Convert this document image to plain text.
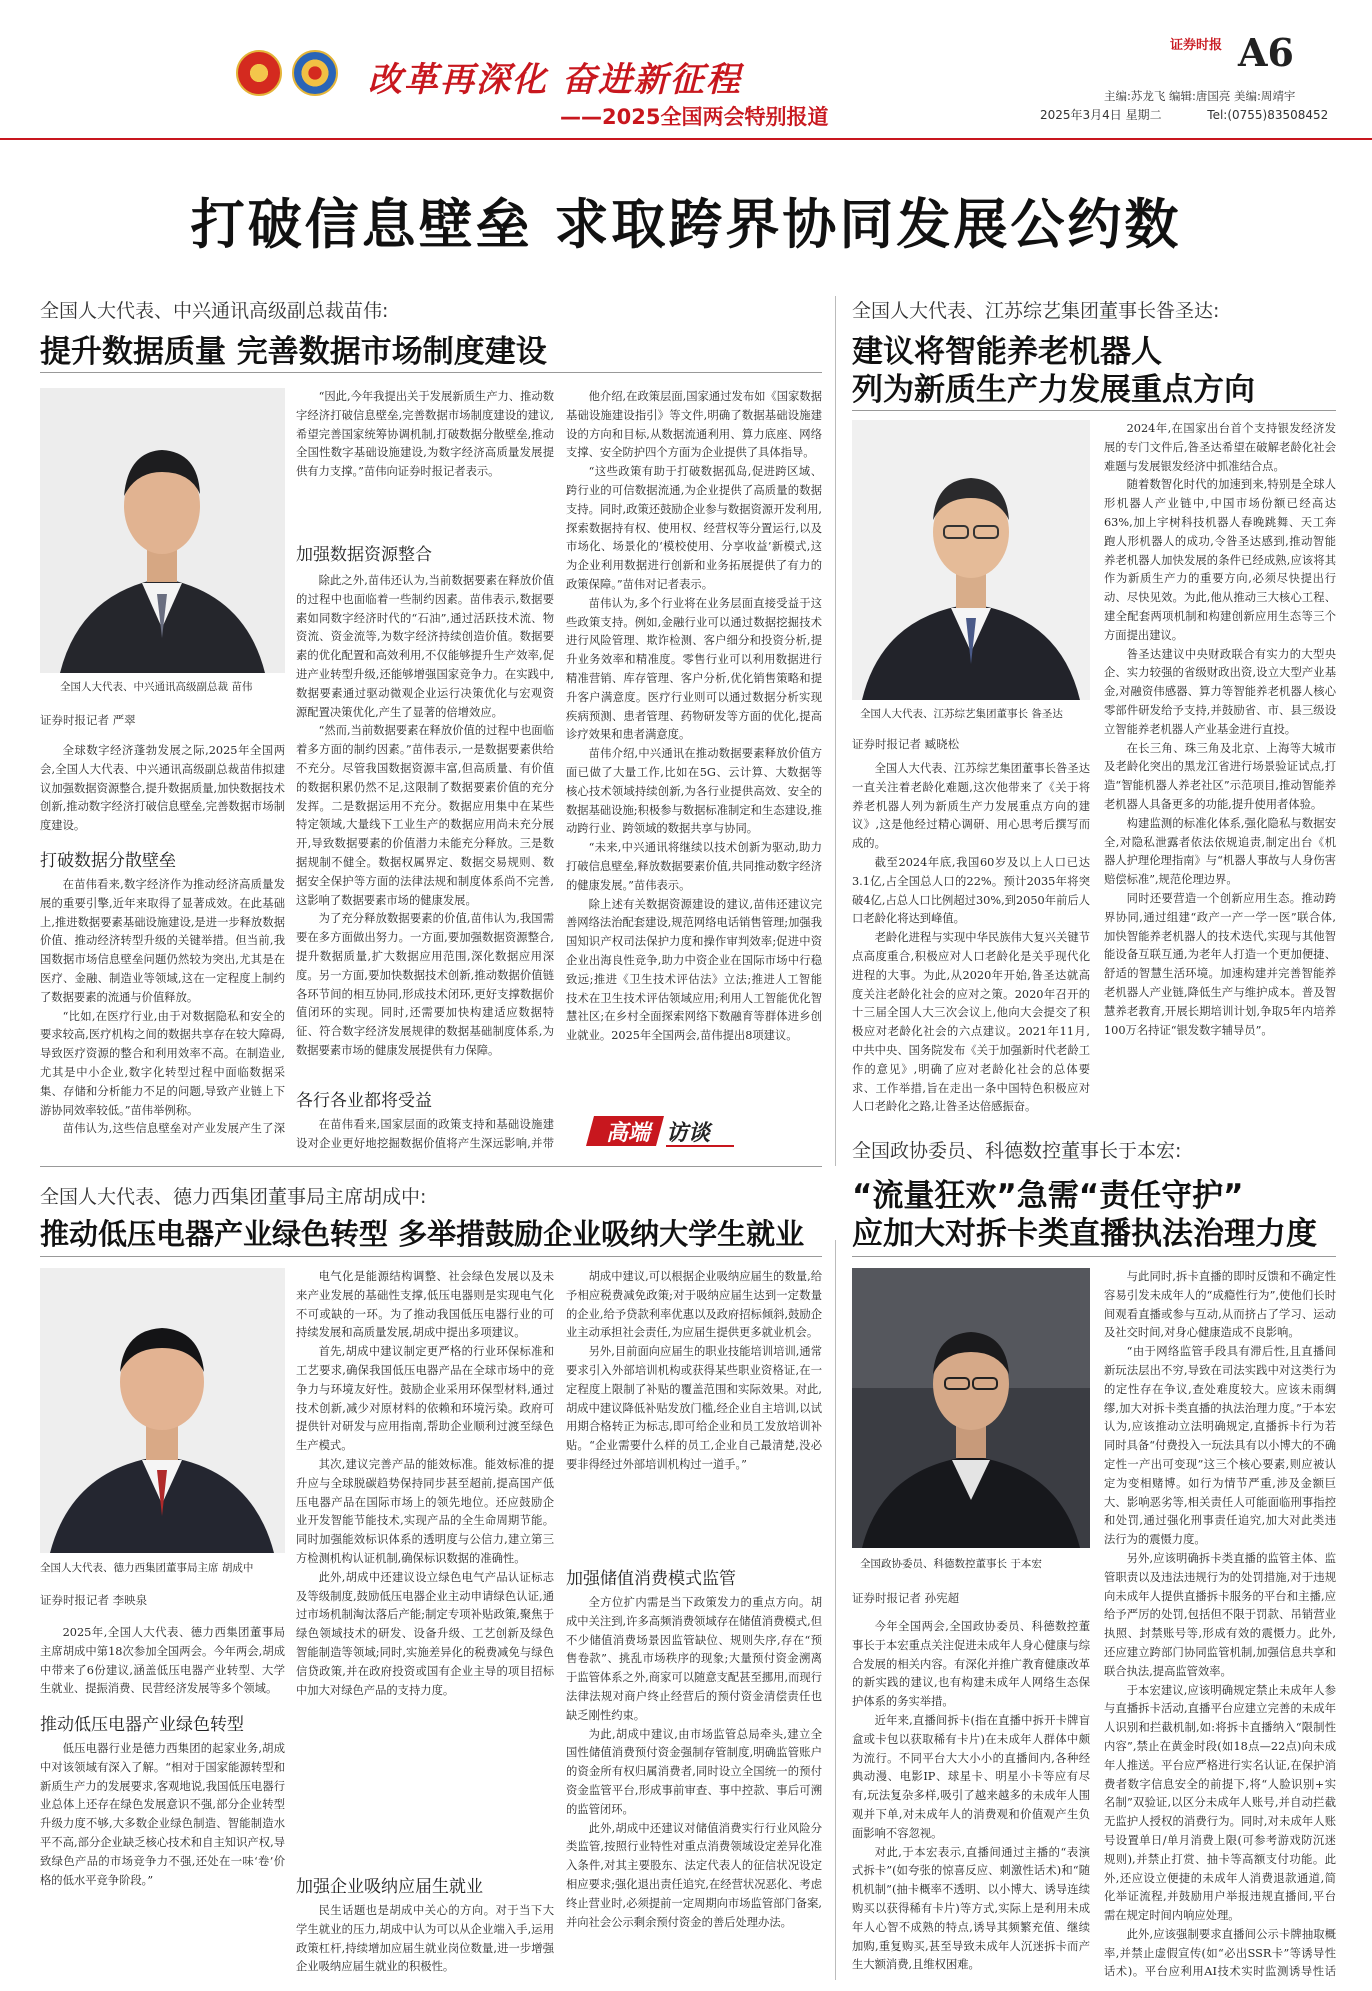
改革再深化 奋进新征程
——2025全国两会特别报道
证券时报 A6
主编:苏龙飞 编辑:唐国亮 美编:周靖宇
2025年3月4日 星期二	Tel:(0755)83508452
打破信息壁垒 求取跨界协同发展公约数
全国人大代表、中兴通讯高级副总裁苗伟:
提升数据质量 完善数据市场制度建设
全国人大代表、中兴通讯高级副总裁 苗伟
证券时报记者 严翠

全球数字经济蓬勃发展之际,2025年全国两会,全国人大代表、中兴通讯高级副总裁苗伟拟建议加强数据资源整合,提升数据质量,加快数据技术创新,推动数字经济打破信息壁垒,完善数据市场制度建设。

打破数据分散壁垒

在苗伟看来,数字经济作为推动经济高质量发展的重要引擎,近年来取得了显著成效。在此基础上,推进数据要素基础设施建设,是进一步释放数据价值、推动经济转型升级的关键举措。但当前,我国数据市场信息壁垒问题仍然较为突出,尤其是在医疗、金融、制造业等领域,这在一定程度上制约了数据要素的流通与价值释放。

“比如,在医疗行业,由于对数据隐私和安全的要求较高,医疗机构之间的数据共享存在较大障碍,导致医疗资源的整合和利用效率不高。在制造业,尤其是中小企业,数字化转型过程中面临数据采集、存储和分析能力不足的问题,导致产业链上下游协同效率较低。”苗伟举例称。

苗伟认为,这些信息壁垒对产业发展产生了深

“因此,今年我提出关于发展新质生产力、推动数字经济打破信息壁垒,完善数据市场制度建设的建议,希望完善国家统筹协调机制,打破数据分散壁垒,推动全国性数字基础设施建设,为数字经济高质量发展提供有力支撑。”苗伟向证券时报记者表示。

加强数据资源整合

除此之外,苗伟还认为,当前数据要素在释放价值的过程中也面临着一些制约因素。苗伟表示,数据要素如同数字经济时代的“石油”,通过活跃技术流、物资流、资金流等,为数字经济持续创造价值。数据要素的优化配置和高效利用,不仅能够提升生产效率,促进产业转型升级,还能够增强国家竞争力。在实践中,数据要素通过驱动微观企业运行决策优化与宏观资源配置决策优化,产生了显著的倍增效应。

“然而,当前数据要素在释放价值的过程中也面临着多方面的制约因素。”苗伟表示,一是数据要素供给不充分。尽管我国数据资源丰富,但高质量、有价值的数据积累仍然不足,这限制了数据要素价值的充分发挥。二是数据运用不充分。数据应用集中在某些特定领域,大量线下工业生产的数据应用尚未充分展开,导致数据要素的价值潜力未能充分释放。三是数据规制不健全。数据权属界定、数据交易规则、数据安全保护等方面的法律法规和制度体系尚不完善,这影响了数据要素市场的健康发展。

为了充分释放数据要素的价值,苗伟认为,我国需要在多方面做出努力。一方面,要加强数据资源整合,提升数据质量,扩大数据应用范围,深化数据应用深度。另一方面,要加快数据技术创新,推动数据价值链各环节间的相互协同,形成技术闭环,更好支撑数据价值闭环的实现。同时,还需要加快构建适应数据特征、符合数字经济发展规律的数据基础制度体系,为数据要素市场的健康发展提供有力保障。

各行各业都将受益

在苗伟看来,国家层面的政策支持和基础设施建设对企业更好地挖掘数据价值将产生深远影响,并带

他介绍,在政策层面,国家通过发布如《国家数据基础设施建设指引》等文件,明确了数据基础设施建设的方向和目标,从数据流通利用、算力底座、网络支撑、安全防护四个方面为企业提供了具体指导。

“这些政策有助于打破数据孤岛,促进跨区域、跨行业的可信数据流通,为企业提供了高质量的数据支持。同时,政策还鼓励企业参与数据资源开发利用,探索数据持有权、使用权、经营权等分置运行,以及市场化、场景化的‘模校使用、分享收益’新模式,这为企业利用数据进行创新和业务拓展提供了有力的政策保障。”苗伟对记者表示。

苗伟认为,多个行业将在业务层面直接受益于这些政策支持。例如,金融行业可以通过数据挖掘技术进行风险管理、欺诈检测、客户细分和投资分析,提升业务效率和精准度。零售行业可以利用数据进行精准营销、库存管理、客户分析,优化销售策略和提升客户满意度。医疗行业则可以通过数据分析实现疾病预测、患者管理、药物研发等方面的优化,提高诊疗效果和患者满意度。

苗伟介绍,中兴通讯在推动数据要素释放价值方面已做了大量工作,比如在5G、云计算、大数据等核心技术领域持续创新,为各行业提供高效、安全的数据基础设施;积极参与数据标准制定和生态建设,推动跨行业、跨领域的数据共享与协同。

“未来,中兴通讯将继续以技术创新为驱动,助力打破信息壁垒,释放数据要素价值,共同推动数字经济的健康发展。”苗伟表示。

除上述有关数据资源建设的建议,苗伟还建议完善网络法治配套建设,规范网络电话销售管理;加强我国知识产权司法保护力度和操作审判效率;促进中资企业出海良性竞争,助力中资企业在国际市场中行稳致远;推进《卫生技术评估法》立法;推进人工智能技术在卫生技术评估领域应用;利用人工智能优化智慧社区;在乡村全面探索网络下数融育等群体进乡创业就业。2025年全国两会,苗伟提出8项建议。

高端 访谈
全国人大代表、江苏综艺集团董事长昝圣达:
建议将智能养老机器人
列为新质生产力发展重点方向
全国人大代表、江苏综艺集团董事长 昝圣达
证券时报记者 臧晓松

全国人大代表、江苏综艺集团董事长昝圣达一直关注着老龄化难题,这次他带来了《关于将养老机器人列为新质生产力发展重点方向的建议》,这是他经过精心调研、用心思考后撰写而成的。

截至2024年底,我国60岁及以上人口已达3.1亿,占全国总人口的22%。预计2035年将突破4亿,占总人口比例超过30%,到2050年前后人口老龄化将达到峰值。

老龄化进程与实现中华民族伟大复兴关键节点高度重合,积极应对人口老龄化是关乎现代化进程的大事。为此,从2020年开始,昝圣达就高度关注老龄化社会的应对之策。2020年召开的十三届全国人大三次会议上,他向大会提交了积极应对老龄化社会的六点建议。2021年11月,中共中央、国务院发布《关于加强新时代老龄工作的意见》,明确了应对老龄化社会的总体要求、工作举措,旨在走出一条中国特色积极应对人口老龄化之路,让昝圣达倍感振奋。

2024年,在国家出台首个支持银发经济发展的专门文件后,昝圣达希望在破解老龄化社会难题与发展银发经济中抓准结合点。

随着数智化时代的加速到来,特别是全球人形机器人产业链中,中国市场份额已经高达63%,加上宇树科技机器人春晚跳舞、天工奔跑人形机器人的成功,令昝圣达感到,推动智能养老机器人加快发展的条件已经成熟,应该将其作为新质生产力的重要方向,必须尽快提出行动、尽快见效。为此,他从推动三大核心工程、建全配套两项机制和构建创新应用生态等三个方面提出建议。

昝圣达建议中央财政联合有实力的大型央企、实力较强的省级财政出资,设立大型产业基金,对融资伟感器、算力等智能养老机器人核心零部件研发给予支持,并鼓励省、市、县三级设立智能养老机器人产业基金进行直投。

在长三角、珠三角及北京、上海等大城市及老龄化突出的黑龙江省进行场景验证试点,打造“智能机器人养老社区”示范项目,推动智能养老机器人具备更多的功能,提升使用者体验。

构建监测的标准化体系,强化隐私与数据安全,对隐私泄露者依法依规追责,制定出台《机器人护理伦理指南》与“机器人事故与人身伤害赔偿标准”,规范伦理边界。

同时还要营造一个创新应用生态。推动跨界协同,通过组建“政产一产一学一医”联合体,加快智能养老机器人的技术迭代,实现与其他智能设备互联互通,为老年人打造一个更加便捷、舒适的智慧生活环境。加速构建并完善智能养老机器人产业链,降低生产与维护成本。普及智慧养老教育,开展长期培训计划,争取5年内培养100万名持证“银发数字辅导员”。

全国政协委员、科德数控董事长于本宏:
“流量狂欢”急需“责任守护”
应加大对拆卡类直播执法治理力度
全国政协委员、科德数控董事长 于本宏
证券时报记者 孙宪超

今年全国两会,全国政协委员、科德数控董事长于本宏重点关注促进未成年人身心健康与综合发展的相关内容。有深化并推广教育健康改革的新实践的建议,也有构建未成年人网络生态保护体系的务实举措。

近年来,直播间拆卡(指在直播中拆开卡牌盲盒或卡包以获取稀有卡片)在未成年人群体中颇为流行。不同平台大大小小的直播间内,各种经典动漫、电影IP、球星卡、明星小卡等应有尽有,玩法复杂多样,吸引了越来越多的未成年人围观并下单,对未成年人的消费观和价值观产生负面影响不容忽视。

对此,于本宏表示,直播间通过主播的“表演式拆卡”(如夸张的惊喜反应、刺激性话术)和“随机机制”(抽卡概率不透明、以小博大、诱导连续购买以获得稀有卡片)等方式,实际上是利用未成年人心智不成熟的特点,诱导其频繁充值、继续加购,重复购买,甚至导致未成年人沉迷拆卡而产生大额消费,且维权困难。

与此同时,拆卡直播的即时反馈和不确定性容易引发未成年人的“成瘾性行为”,使他们长时间观看直播或参与互动,从而挤占了学习、运动及社交时间,对身心健康造成不良影响。

“由于网络监管手段具有滞后性,且直播间新玩法层出不穷,导致在司法实践中对这类行为的定性存在争议,查处难度较大。应该未雨绸缪,加大对拆卡类直播的执法治理力度。”于本宏认为,应该推动立法明确规定,直播拆卡行为若同时具备“付费投入一玩法具有以小博大的不确定性一产出可变现”这三个核心要素,则应被认定为变相赌博。如行为情节严重,涉及金额巨大、影响恶劣等,相关责任人可能面临刑事指控和处罚,通过强化刑事责任追究,加大对此类违法行为的震慑力度。

另外,应该明确拆卡类直播的监管主体、监管职责以及违法违规行为的处罚措施,对于违规向未成年人提供直播拆卡服务的平台和主播,应给予严厉的处罚,包括但不限于罚款、吊销营业执照、封禁账号等,形成有效的震慑力。此外,还应建立跨部门协同监管机制,加强信息共享和联合执法,提高监管效率。

于本宏建议,应该明确规定禁止未成年人参与直播拆卡活动,直播平台应建立完善的未成年人识别和拦截机制,如:将拆卡直播纳入“限制性内容”,禁止在黄金时段(如18点—22点)向未成年人推送。平台应严格进行实名认证,在保护消费者数字信息安全的前提下,将“人脸识别+实名制”双验证,以区分未成年人账号,并自动拦截无监护人授权的消费行为。同时,对未成年人账号设置单日/单月消费上限(可参考游戏防沉迷规则),并禁止打赏、抽卡等高额支付功能。此外,还应设立便捷的未成年人消费退款通道,简化举证流程,并鼓励用户举报违规直播间,平台需在规定时间内响应处理。

此外,应该强制要求直播间公示卡牌抽取概率,并禁止虚假宣传(如“必出SSR卡”等诱导性话术)。平台应利用AI技术实时监测诱导性话

全国人大代表、德力西集团董事局主席胡成中:
推动低压电器产业绿色转型 多举措鼓励企业吸纳大学生就业
全国人大代表、德力西集团董事局主席 胡成中
证券时报记者 李映泉

2025年,全国人大代表、德力西集团董事局主席胡成中第18次参加全国两会。今年两会,胡成中带来了6份建议,涵盖低压电器产业转型、大学生就业、提振消费、民营经济发展等多个领域。

推动低压电器产业绿色转型

低压电器行业是德力西集团的起家业务,胡成中对该领域有深入了解。“相对于国家能源转型和新质生产力的发展要求,客观地说,我国低压电器行业总体上还存在绿色发展意识不强,部分企业转型升级力度不够,大多数企业绿色制造、智能制造水平不高,部分企业缺乏核心技术和自主知识产权,导致绿色产品的市场竞争力不强,还处在一味‘卷’价格的低水平竞争阶段。”

电气化是能源结构调整、社会绿色发展以及未来产业发展的基础性支撑,低压电器则是实现电气化不可或缺的一环。为了推动我国低压电器行业的可持续发展和高质量发展,胡成中提出多项建议。

首先,胡成中建议制定更严格的行业环保标准和工艺要求,确保我国低压电器产品在全球市场中的竞争力与环境友好性。鼓励企业采用环保型材料,通过技术创新,减少对原材料的依赖和环境污染。政府可提供针对研发与应用指南,帮助企业顺利过渡至绿色生产模式。

其次,建议完善产品的能效标准。能效标准的提升应与全球脱碳趋势保持同步甚至超前,提高国产低压电器产品在国际市场上的领先地位。还应鼓励企业开发智能节能技术,实现产品的全生命周期节能。同时加强能效标识体系的透明度与公信力,建立第三方检测机构认证机制,确保标识数据的准确性。

此外,胡成中还建议设立绿色电气产品认证标志及等级制度,鼓励低压电器企业主动申请绿色认证,通过市场机制淘汰落后产能;制定专项补贴政策,聚焦于绿色领域技术的研发、设备升级、工艺创新及绿色智能制造等领域;同时,实施差异化的税费减免与绿色信贷政策,并在政府投资或国有企业主导的项目招标中加大对绿色产品的支持力度。

加强企业吸纳应届生就业

民生话题也是胡成中关心的方向。对于当下大学生就业的压力,胡成中认为可以从企业端入手,运用政策杠杆,持续增加应届生就业岗位数量,进一步增强企业吸纳应届生就业的积极性。

胡成中建议,可以根据企业吸纳应届生的数量,给予相应税费减免政策;对于吸纳应届生达到一定数量的企业,给予贷款利率优惠以及政府招标倾斜,鼓励企业主动承担社会责任,为应届生提供更多就业机会。

另外,目前面向应届生的职业技能培训培训,通常要求引入外部培训机构或获得某些职业资格证,在一定程度上限制了补贴的覆盖范围和实际效果。对此,胡成中建议降低补贴发放门槛,经企业自主培训,以试用期合格转正为标志,即可给企业和员工发放培训补贴。“企业需要什么样的员工,企业自己最清楚,没必要非得经过外部培训机构过一道手。”

加强储值消费模式监管

全方位扩内需是当下政策发力的重点方向。胡成中关注到,许多高频消费领域存在储值消费模式,但不少储值消费场景因监管缺位、规则失序,存在“预售卷款”、挑乱市场秩序的现象;大量预付资金溯离于监管体系之外,商家可以随意支配甚至挪用,而现行法律法规对商户终止经营后的预付资金清偿责任也缺乏刚性约束。

为此,胡成中建议,由市场监管总局牵头,建立全国性储值消费预付资金强制存管制度,明确监管账户的资金所有权归属消费者,同时设立全国统一的预付资金监管平台,形成事前审查、事中控款、事后可溯的监管闭环。

此外,胡成中还建议对储值消费实行行业风险分类监管,按照行业特性对重点消费领域设定差异化准入条件,对其主要股东、法定代表人的征信状况设定相应要求;强化退出责任追究,在经营状况恶化、考虑终止营业时,必须提前一定周期向市场监管部门备案,并向社会公示剩余预付资金的善后处理办法。
